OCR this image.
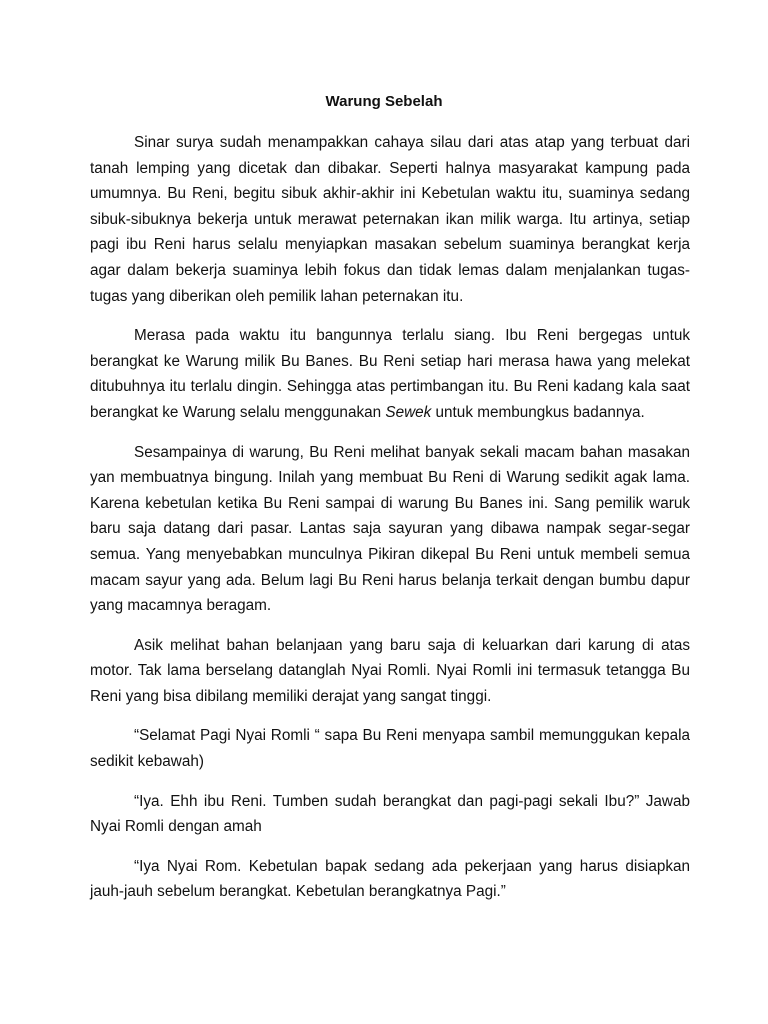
Warung Sebelah

Sinar surya sudah menampakkan cahaya silau dari atas atap yang terbuat dari tanah lemping yang dicetak dan dibakar. Seperti halnya masyarakat kampung pada umumnya. Bu Reni, begitu sibuk akhir-akhir ini Kebetulan waktu itu, suaminya sedang sibuk-sibuknya bekerja untuk merawat peternakan ikan milik warga. Itu artinya, setiap pagi ibu Reni harus selalu menyiapkan masakan sebelum suaminya berangkat kerja agar dalam bekerja suaminya lebih fokus dan tidak lemas dalam menjalankan tugas-tugas yang diberikan oleh pemilik lahan peternakan itu.

Merasa pada waktu itu bangunnya terlalu siang. Ibu Reni bergegas untuk berangkat ke Warung milik Bu Banes. Bu Reni setiap hari merasa hawa yang melekat ditubuhnya itu terlalu dingin. Sehingga atas pertimbangan itu. Bu Reni kadang kala saat berangkat ke Warung selalu menggunakan Sewek untuk membungkus badannya.

Sesampainya di warung, Bu Reni melihat banyak sekali macam bahan masakan yan membuatnya bingung. Inilah yang membuat Bu Reni di Warung sedikit agak lama. Karena kebetulan ketika Bu Reni sampai di warung Bu Banes ini. Sang pemilik waruk baru saja datang dari pasar. Lantas saja sayuran yang dibawa nampak segar-segar semua. Yang menyebabkan munculnya Pikiran dikepal Bu Reni untuk membeli semua macam sayur yang ada. Belum lagi Bu Reni harus belanja terkait dengan bumbu dapur yang macamnya beragam.

Asik melihat bahan belanjaan yang baru saja di keluarkan dari karung di atas motor. Tak lama berselang datanglah Nyai Romli. Nyai Romli ini termasuk tetangga Bu Reni yang bisa dibilang memiliki derajat yang sangat tinggi.

“Selamat Pagi Nyai Romli “ sapa Bu Reni menyapa sambil memunggukan kepala sedikit kebawah)

“Iya. Ehh ibu Reni. Tumben sudah berangkat dan pagi-pagi sekali Ibu?” Jawab Nyai Romli dengan amah

“Iya Nyai Rom. Kebetulan bapak sedang ada pekerjaan yang harus disiapkan jauh-jauh sebelum berangkat. Kebetulan berangkatnya Pagi.”
